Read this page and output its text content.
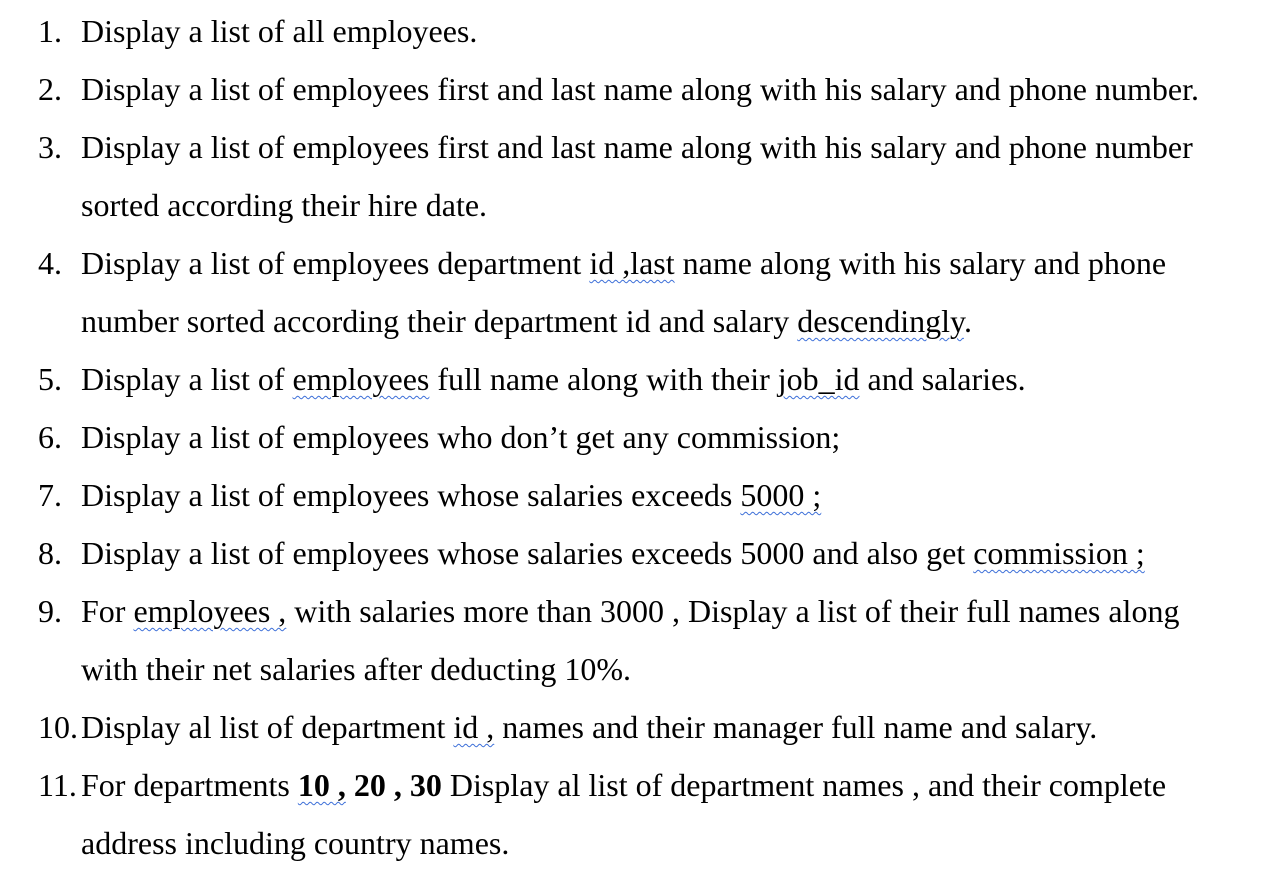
1. Display a list of all employees.
2. Display a list of employees first and last name along with his salary and phone number.
3. Display a list of employees first and last name along with his salary and phone number
sorted according their hire date.
4. Display a list of employees department id ,last name along with his salary and phone
number sorted according their department id and salary descendingly.
5. Display a list of employees full name along with their job_id and salaries.
6. Display a list of employees who don’t get any commission;
7. Display a list of employees whose salaries exceeds 5000 ;
8. Display a list of employees whose salaries exceeds 5000 and also get commission ;
9. For employees , with salaries more than 3000 , Display a list of their full names along
with their net salaries after deducting 10%.
10. Display al list of department id , names and their manager full name and salary.
11. For departments 10 , 20 , 30 Display al list of department names , and their complete
address including country names.
